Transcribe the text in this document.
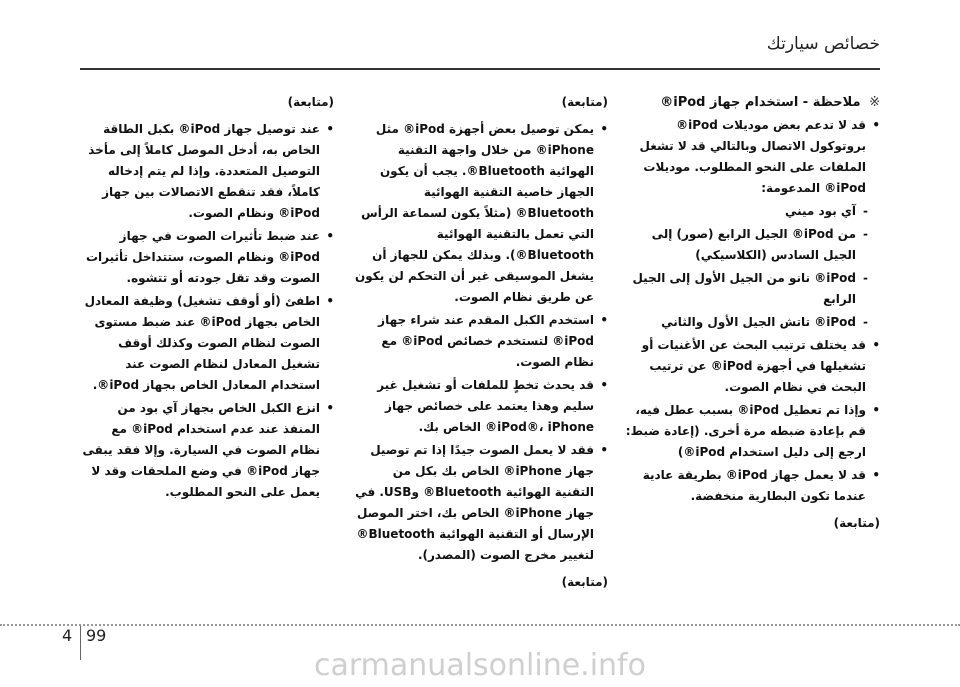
خصائص سيارتك
※ ملاحظة - استخدام جهاز iPod®
• قد لا تدعم بعض موديلات iPod® بروتوكول الاتصال وبالتالي قد لا تشغل الملفات على النحو المطلوب. موديلات iPod® المدعومة:
- آي بود ميني
- من iPod® الجيل الرابع (صور) إلى الجيل السادس (الكلاسيكي)
- iPod® نانو من الجيل الأول إلى الجيل الرابع
- iPod® تاتش الجيل الأول والثاني
• قد يختلف ترتيب البحث عن الأغنيات أو تشغيلها في أجهزة iPod® عن ترتيب البحث في نظام الصوت.
• وإذا تم تعطيل iPod® بسبب عطل فيه، قم بإعادة ضبطه مرة أخرى. (إعادة ضبط: ارجع إلى دليل استخدام iPod®)
• قد لا يعمل جهاز iPod® بطريقة عادية عندما تكون البطارية منخفضة.
(متابعة)
(متابعة)
• يمكن توصيل بعض أجهزة iPod® مثل iPhone® من خلال واجهة التقنية الهوائية Bluetooth®. يجب أن يكون الجهاز خاصية التقنية الهوائية Bluetooth® (مثلاً يكون لسماعة الرأس التي تعمل بالتقنية الهوائية Bluetooth®). وبذلك يمكن للجهاز أن يشغل الموسيقى غير أن التحكم لن يكون عن طريق نظام الصوت.
• استخدم الكبل المقدم عند شراء جهاز iPod® لتستخدم خصائص iPod® مع نظام الصوت.
• قد يحدث تخطٍ للملفات أو تشغيل غير سليم وهذا يعتمد على خصائص جهاز iPod®، iPhone® الخاص بك.
• فقد لا يعمل الصوت جيدًا إذا تم توصيل جهاز iPhone® الخاص بك بكل من التقنية الهوائية Bluetooth® وUSB. في جهاز iPhone® الخاص بك، اختر الموصل الإرسال أو التقنية الهوائية Bluetooth® لتغيير مخرج الصوت (المصدر).
(متابعة)
(متابعة)
• عند توصيل جهاز iPod® بكبل الطاقة الخاص به، أدخل الموصل كاملاً إلى مأخذ التوصيل المتعددة. وإذا لم يتم إدخاله كاملاً، فقد تنقطع الاتصالات بين جهاز iPod® ونظام الصوت.
• عند ضبط تأثيرات الصوت في جهاز iPod® ونظام الصوت، ستتداخل تأثيرات الصوت وقد تقل جودته أو تتشوه.
• اطفئ (أو أوقف تشغيل) وظيفة المعادل الخاص بجهاز iPod® عند ضبط مستوى الصوت لنظام الصوت وكذلك أوقف تشغيل المعادل لنظام الصوت عند استخدام المعادل الخاص بجهاز iPod®.
• انزع الكبل الخاص بجهاز آي بود من المنفذ عند عدم استخدام iPod® مع نظام الصوت في السيارة. وإلا فقد يبقى جهاز iPod® في وضع الملحقات وقد لا يعمل على النحو المطلوب.
4 99
carmanualsonline.info
